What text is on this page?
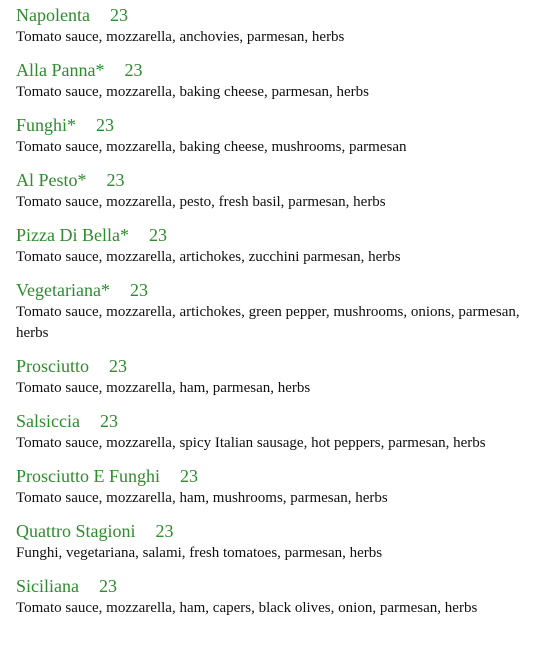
Napolenta 23
Tomato sauce, mozzarella, anchovies, parmesan, herbs
Alla Panna* 23
Tomato sauce, mozzarella, baking cheese, parmesan, herbs
Funghi* 23
Tomato sauce, mozzarella, baking cheese, mushrooms, parmesan
Al Pesto* 23
Tomato sauce, mozzarella, pesto, fresh basil, parmesan, herbs
Pizza Di Bella* 23
Tomato sauce, mozzarella, artichokes, zucchini parmesan, herbs
Vegetariana* 23
Tomato sauce, mozzarella, artichokes, green pepper, mushrooms, onions, parmesan, herbs
Prosciutto 23
Tomato sauce, mozzarella, ham, parmesan, herbs
Salsiccia 23
Tomato sauce, mozzarella, spicy Italian sausage, hot peppers, parmesan, herbs
Prosciutto E Funghi 23
Tomato sauce, mozzarella, ham, mushrooms, parmesan, herbs
Quattro Stagioni 23
Funghi, vegetariana, salami, fresh tomatoes, parmesan, herbs
Siciliana 23
Tomato sauce, mozzarella, ham, capers, black olives, onion, parmesan, herbs
